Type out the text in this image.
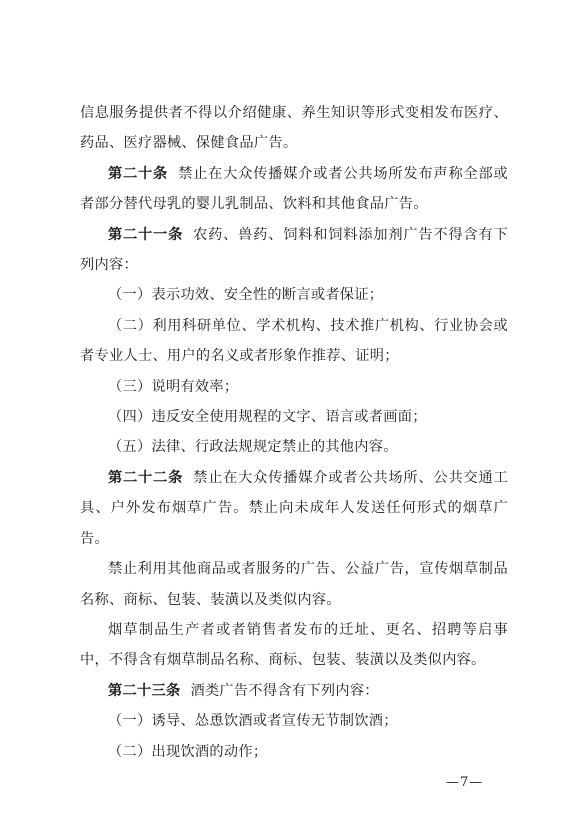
信息服务提供者不得以介绍健康、养生知识等形式变相发布医疗、药品、医疗器械、保健食品广告。

第二十条 禁止在大众传播媒介或者公共场所发布声称全部或者部分替代母乳的婴儿乳制品、饮料和其他食品广告。

第二十一条 农药、兽药、饲料和饲料添加剂广告不得含有下列内容：

（一）表示功效、安全性的断言或者保证；

（二）利用科研单位、学术机构、技术推广机构、行业协会或者专业人士、用户的名义或者形象作推荐、证明；

（三）说明有效率；

（四）违反安全使用规程的文字、语言或者画面；

（五）法律、行政法规规定禁止的其他内容。

第二十二条 禁止在大众传播媒介或者公共场所、公共交通工具、户外发布烟草广告。禁止向未成年人发送任何形式的烟草广告。

禁止利用其他商品或者服务的广告、公益广告，宣传烟草制品名称、商标、包装、装潢以及类似内容。

烟草制品生产者或者销售者发布的迁址、更名、招聘等启事中，不得含有烟草制品名称、商标、包装、装潢以及类似内容。

第二十三条 酒类广告不得含有下列内容：

（一）诱导、怂恿饮酒或者宣传无节制饮酒；

（二）出现饮酒的动作；

—7—
